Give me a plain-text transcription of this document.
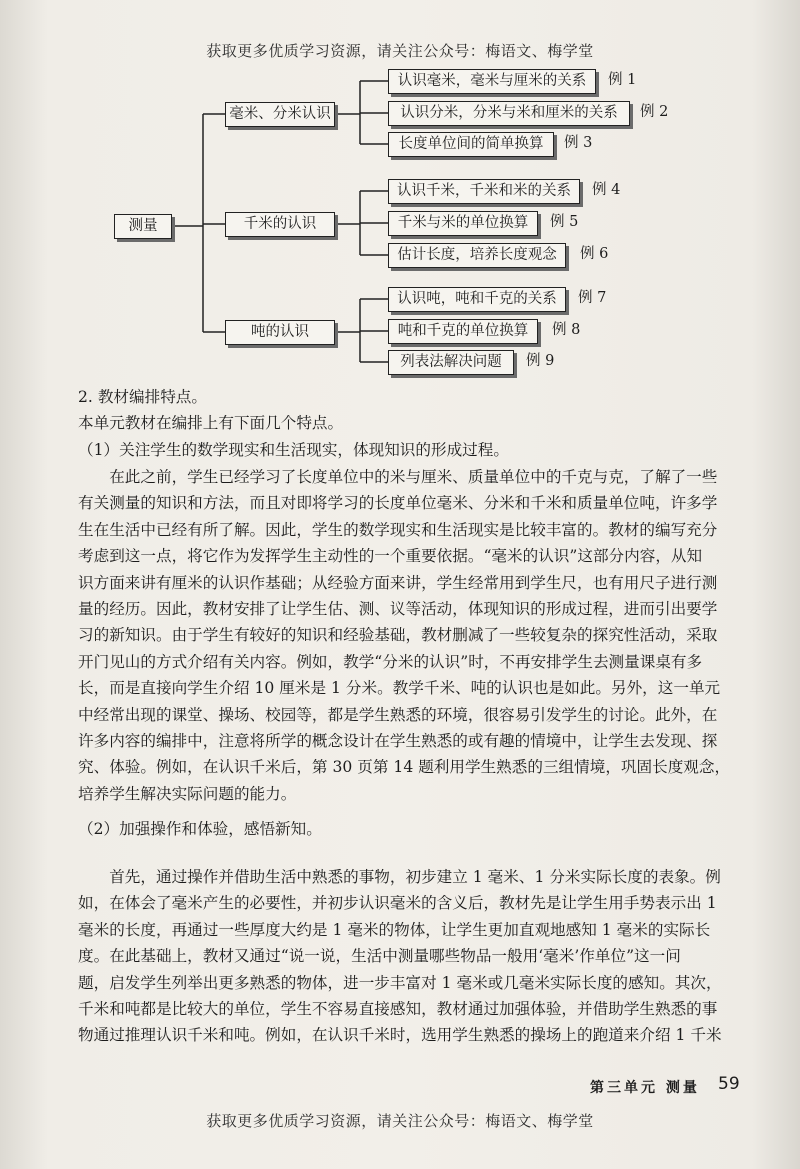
获取更多优质学习资源，请关注公众号：梅语文、梅学堂
测量
毫米、分米认识
千米的认识
吨的认识
认识毫米，毫米与厘米的关系	例 1
认识分米，分米与米和厘米的关系	例 2
长度单位间的简单换算	例 3
认识千米，千米和米的关系	例 4
千米与米的单位换算	例 5
估计长度，培养长度观念	例 6
认识吨，吨和千克的关系	例 7
吨和千克的单位换算	例 8
列表法解决问题	例 9
2. 教材编排特点。
本单元教材在编排上有下面几个特点。
（1）关注学生的数学现实和生活现实，体现知识的形成过程。
在此之前，学生已经学习了长度单位中的米与厘米、质量单位中的千克与克，了解了一些
有关测量的知识和方法，而且对即将学习的长度单位毫米、分米和千米和质量单位吨，许多学
生在生活中已经有所了解。因此，学生的数学现实和生活现实是比较丰富的。教材的编写充分
考虑到这一点，将它作为发挥学生主动性的一个重要依据。“毫米的认识”这部分内容，从知
识方面来讲有厘米的认识作基础；从经验方面来讲，学生经常用到学生尺，也有用尺子进行测
量的经历。因此，教材安排了让学生估、测、议等活动，体现知识的形成过程，进而引出要学
习的新知识。由于学生有较好的知识和经验基础，教材删减了一些较复杂的探究性活动，采取
开门见山的方式介绍有关内容。例如，教学“分米的认识”时，不再安排学生去测量课桌有多
长，而是直接向学生介绍 10 厘米是 1 分米。教学千米、吨的认识也是如此。另外，这一单元
中经常出现的课堂、操场、校园等，都是学生熟悉的环境，很容易引发学生的讨论。此外，在
许多内容的编排中，注意将所学的概念设计在学生熟悉的或有趣的情境中，让学生去发现、探
究、体验。例如，在认识千米后，第 30 页第 14 题利用学生熟悉的三组情境，巩固长度观念，
培养学生解决实际问题的能力。
（2）加强操作和体验，感悟新知。
首先，通过操作并借助生活中熟悉的事物，初步建立 1 毫米、1 分米实际长度的表象。例
如，在体会了毫米产生的必要性，并初步认识毫米的含义后，教材先是让学生用手势表示出 1
毫米的长度，再通过一些厚度大约是 1 毫米的物体，让学生更加直观地感知 1 毫米的实际长
度。在此基础上，教材又通过“说一说，生活中测量哪些物品一般用‘毫米’作单位”这一问
题，启发学生列举出更多熟悉的物体，进一步丰富对 1 毫米或几毫米实际长度的感知。其次，
千米和吨都是比较大的单位，学生不容易直接感知，教材通过加强体验，并借助学生熟悉的事
物通过推理认识千米和吨。例如，在认识千米时，选用学生熟悉的操场上的跑道来介绍 1 千米
第三单元 测量 59
获取更多优质学习资源，请关注公众号：梅语文、梅学堂
